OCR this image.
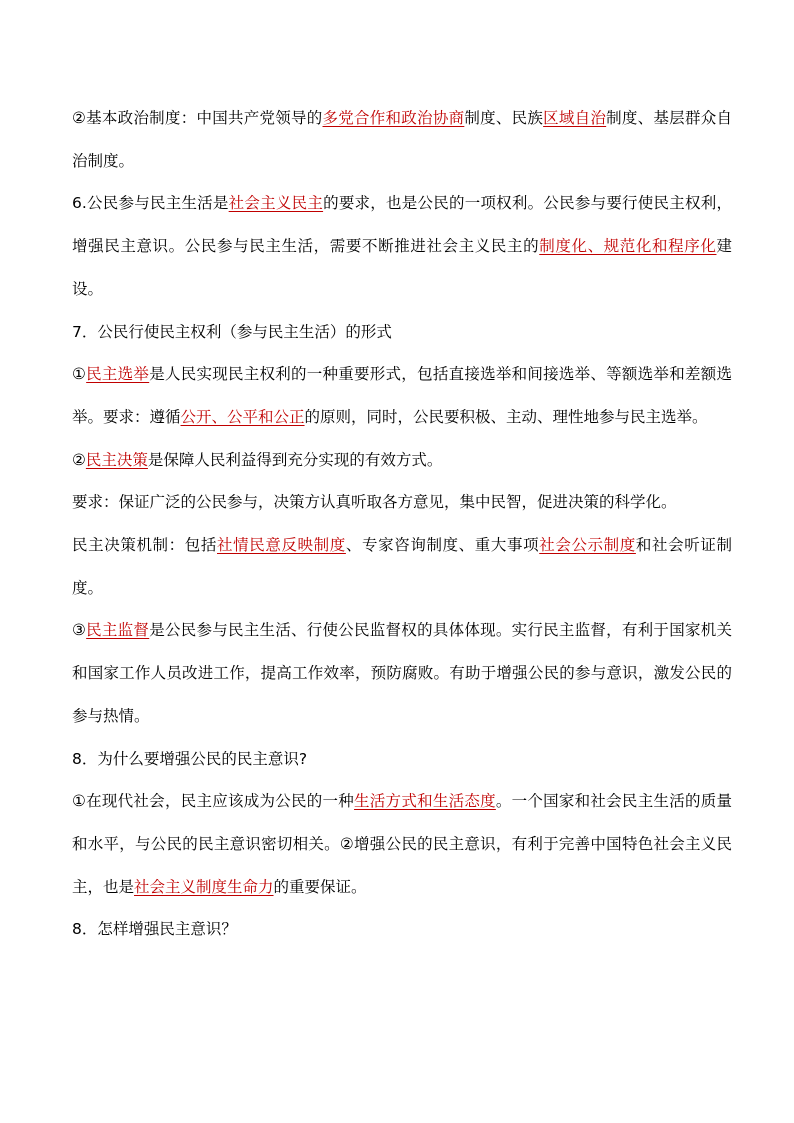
②基本政治制度：中国共产党领导的多党合作和政治协商制度、民族区域自治制度、基层群众自治制度。

6.公民参与民主生活是社会主义民主的要求，也是公民的一项权利。公民参与要行使民主权利，增强民主意识。公民参与民主生活，需要不断推进社会主义民主的制度化、规范化和程序化建设。

7．公民行使民主权利（参与民主生活）的形式

①民主选举是人民实现民主权利的一种重要形式，包括直接选举和间接选举、等额选举和差额选举。要求：遵循公开、公平和公正的原则，同时，公民要积极、主动、理性地参与民主选举。

②民主决策是保障人民利益得到充分实现的有效方式。

要求：保证广泛的公民参与，决策方认真听取各方意见，集中民智，促进决策的科学化。

民主决策机制：包括社情民意反映制度、专家咨询制度、重大事项社会公示制度和社会听证制度。

③民主监督是公民参与民主生活、行使公民监督权的具体体现。实行民主监督，有利于国家机关和国家工作人员改进工作，提高工作效率，预防腐败。有助于增强公民的参与意识，激发公民的参与热情。

8．为什么要增强公民的民主意识?

①在现代社会，民主应该成为公民的一种生活方式和生活态度。一个国家和社会民主生活的质量和水平，与公民的民主意识密切相关。②增强公民的民主意识，有利于完善中国特色社会主义民主，也是社会主义制度生命力的重要保证。

8．怎样增强民主意识？
